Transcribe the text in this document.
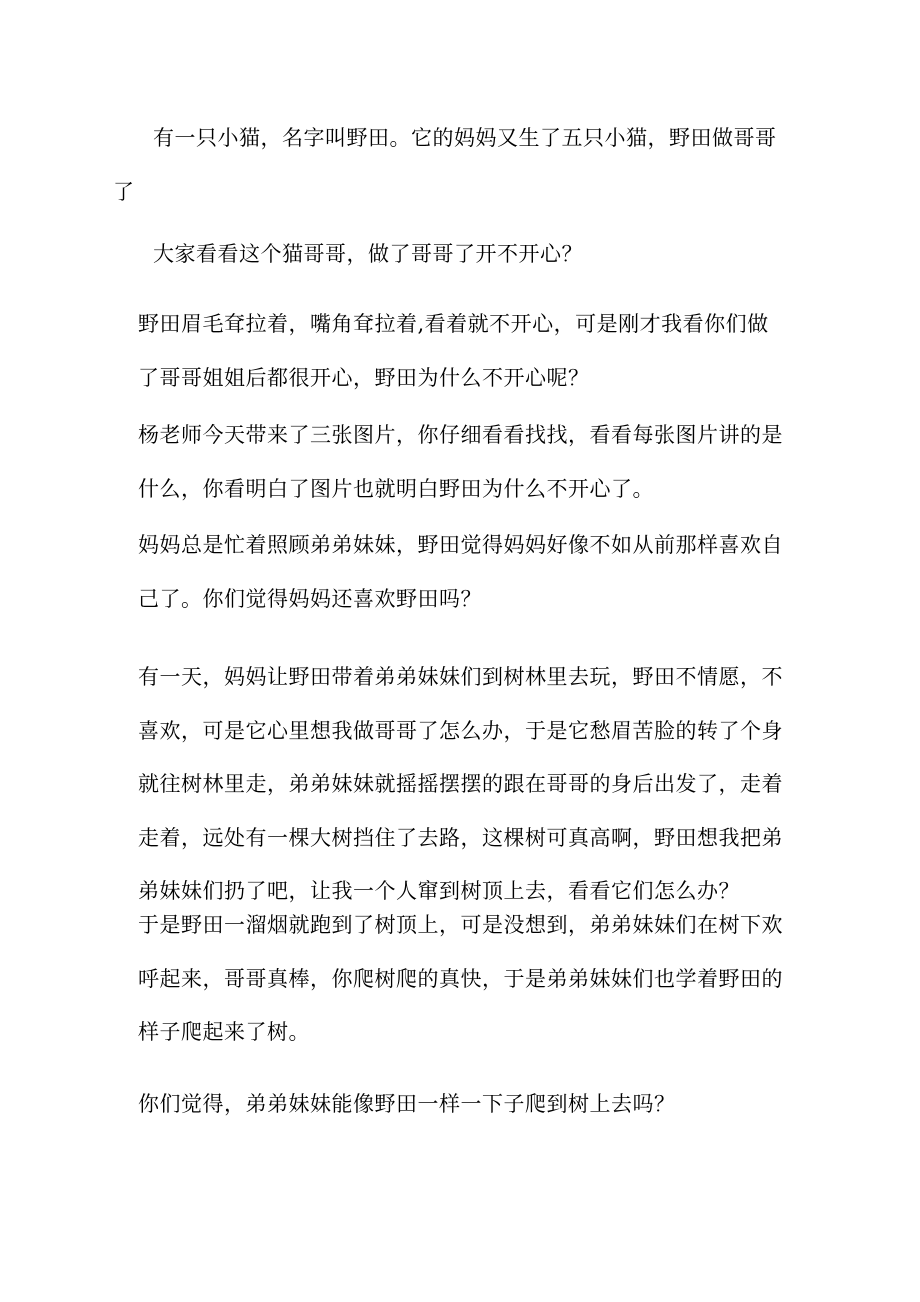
有一只小猫，名字叫野田。它的妈妈又生了五只小猫，野田做哥哥了

大家看看这个猫哥哥，做了哥哥了开不开心？

野田眉毛耷拉着，嘴角耷拉着,看着就不开心，可是刚才我看你们做了哥哥姐姐后都很开心，野田为什么不开心呢？

杨老师今天带来了三张图片，你仔细看看找找，看看每张图片讲的是什么，你看明白了图片也就明白野田为什么不开心了。

妈妈总是忙着照顾弟弟妹妹，野田觉得妈妈好像不如从前那样喜欢自己了。你们觉得妈妈还喜欢野田吗？

有一天，妈妈让野田带着弟弟妹妹们到树林里去玩，野田不情愿，不喜欢，可是它心里想我做哥哥了怎么办，于是它愁眉苦脸的转了个身就往树林里走，弟弟妹妹就摇摇摆摆的跟在哥哥的身后出发了，走着走着，远处有一棵大树挡住了去路，这棵树可真高啊，野田想我把弟弟妹妹们扔了吧，让我一个人窜到树顶上去，看看它们怎么办？

于是野田一溜烟就跑到了树顶上，可是没想到，弟弟妹妹们在树下欢呼起来，哥哥真棒，你爬树爬的真快，于是弟弟妹妹们也学着野田的样子爬起来了树。

你们觉得，弟弟妹妹能像野田一样一下子爬到树上去吗？
